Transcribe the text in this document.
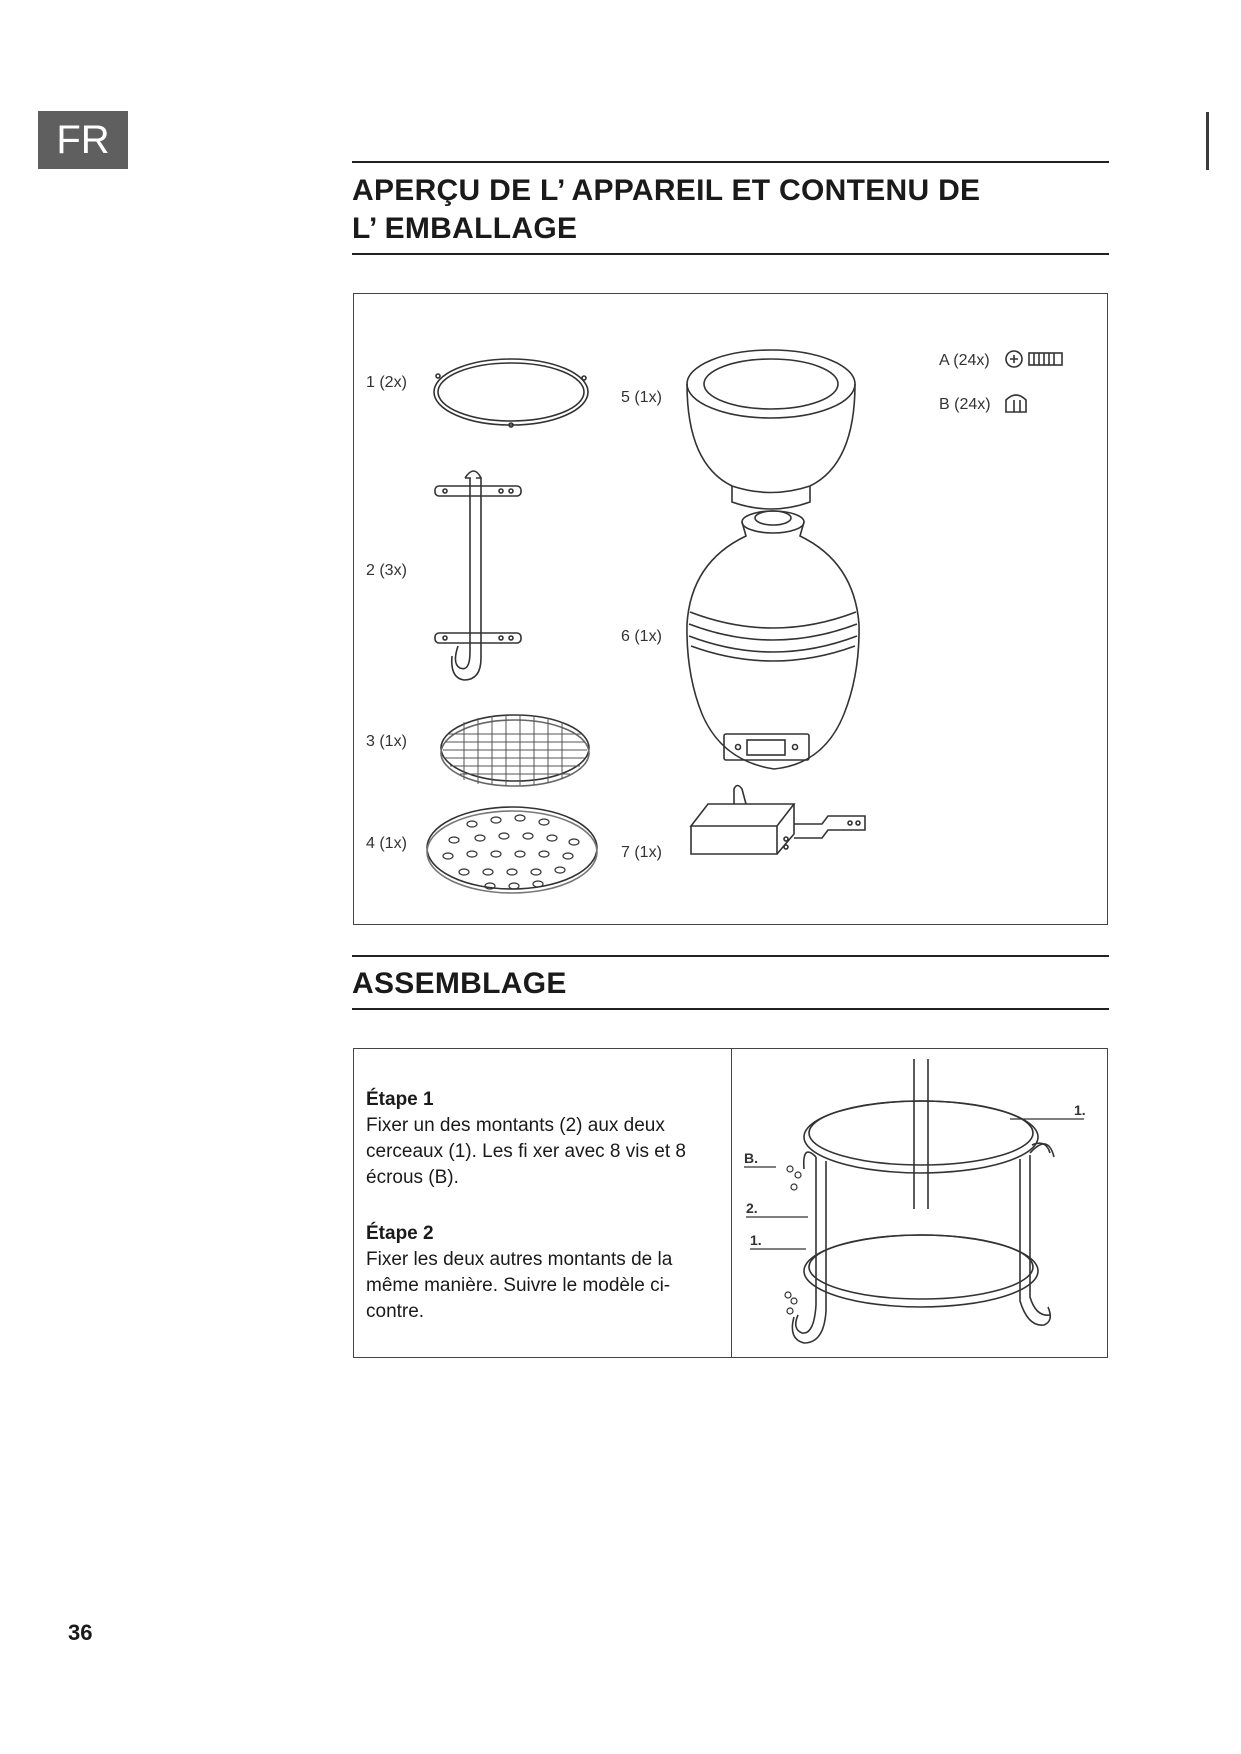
FR
APERÇU DE L’ APPAREIL ET CONTENU DE
L’ EMBALLAGE
1 (2x)
2 (3x)
3 (1x)
4 (1x)
5 (1x)
6 (1x)
7 (1x)
A (24x)
B (24x)
ASSEMBLAGE
Étape 1
Fixer un des montants (2) aux deux
cerceaux (1). Les fi xer avec 8 vis et 8
écrous (B).
Étape 2
Fixer les deux autres montants de la
même manière. Suivre le modèle ci-
contre.
1.
B.
2.
1.
36
